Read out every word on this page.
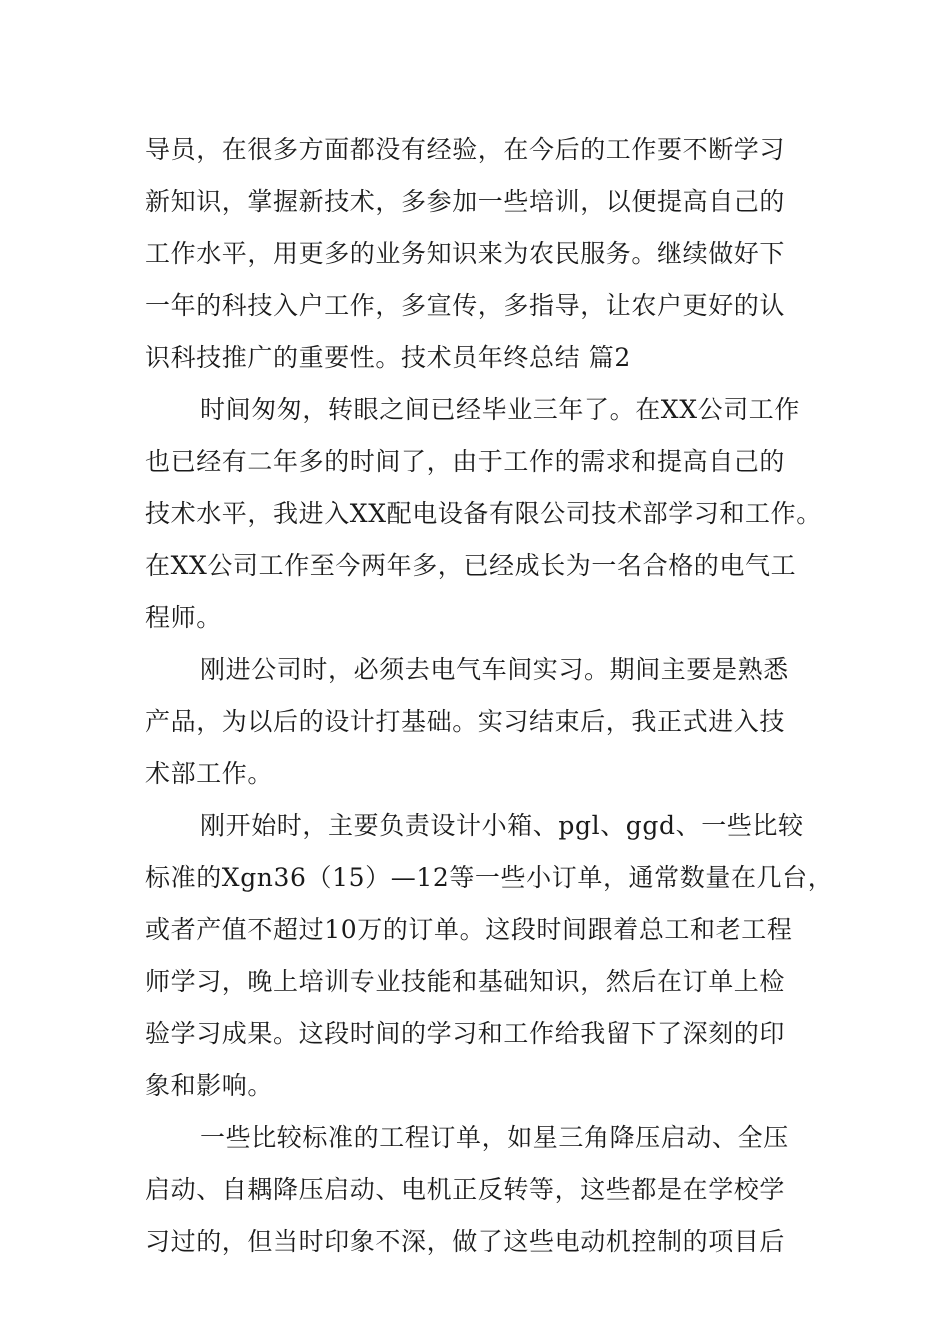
导员，在很多方面都没有经验，在今后的工作要不断学习
新知识，掌握新技术，多参加一些培训，以便提高自己的
工作水平，用更多的业务知识来为农民服务。继续做好下
一年的科技入户工作，多宣传，多指导，让农户更好的认
识科技推广的重要性。技术员年终总结 篇2
时间匆匆，转眼之间已经毕业三年了。在XX公司工作
也已经有二年多的时间了，由于工作的需求和提高自己的
技术水平，我进入XX配电设备有限公司技术部学习和工作。
在XX公司工作至今两年多，已经成长为一名合格的电气工
程师。
刚进公司时，必须去电气车间实习。期间主要是熟悉
产品，为以后的设计打基础。实习结束后，我正式进入技
术部工作。
刚开始时，主要负责设计小箱、pgl、ggd、一些比较
标准的Xgn36（15）—12等一些小订单，通常数量在几台，
或者产值不超过10万的订单。这段时间跟着总工和老工程
师学习，晚上培训专业技能和基础知识，然后在订单上检
验学习成果。这段时间的学习和工作给我留下了深刻的印
象和影响。
一些比较标准的工程订单，如星三角降压启动、全压
启动、自耦降压启动、电机正反转等，这些都是在学校学
习过的，但当时印象不深，做了这些电动机控制的项目后
